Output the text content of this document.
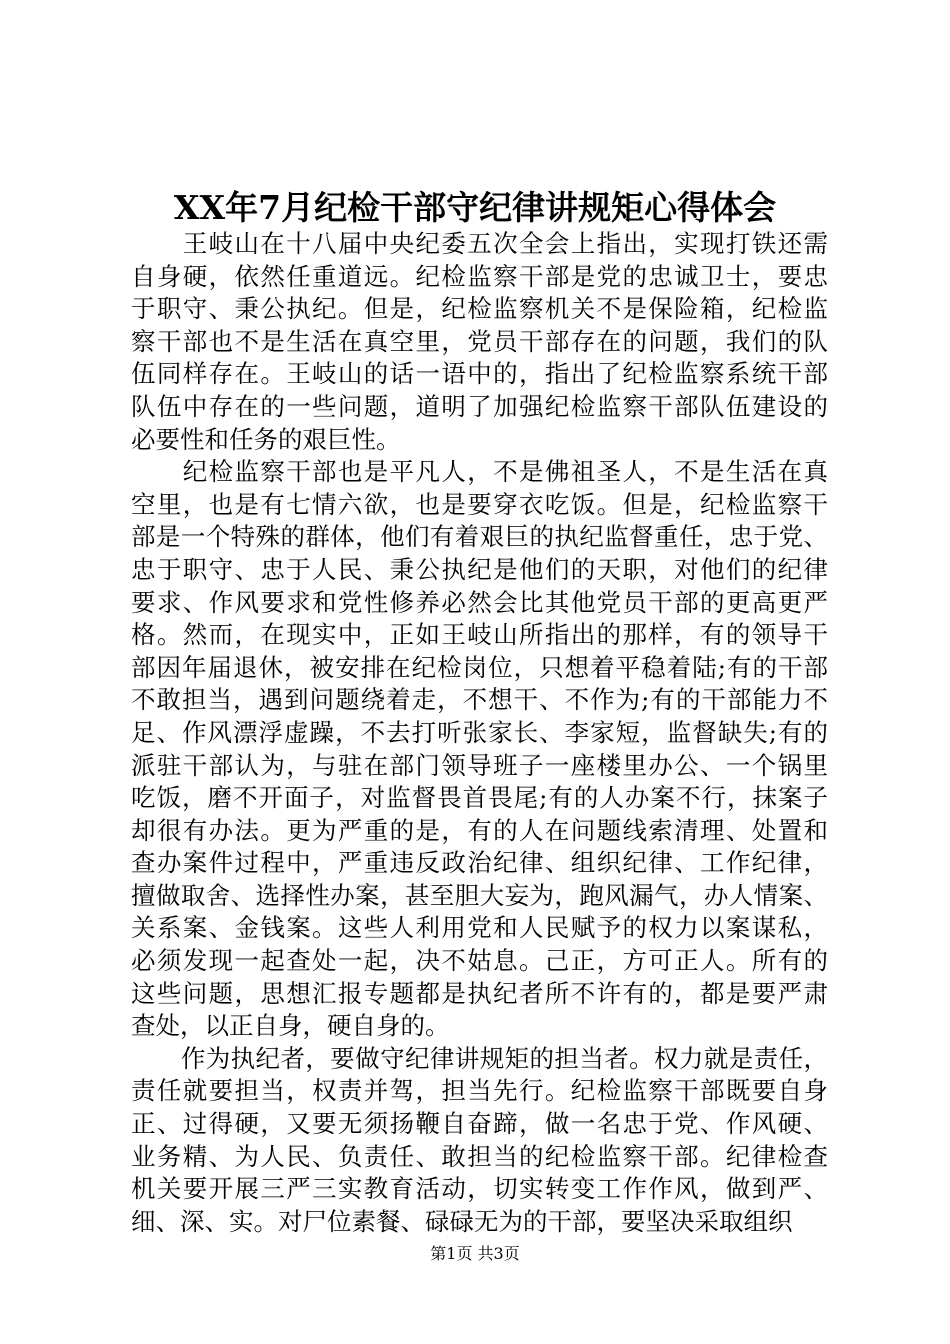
XX年7月纪检干部守纪律讲规矩心得体会

　　王岐山在十八届中央纪委五次全会上指出，实现打铁还需
自身硬，依然任重道远。纪检监察干部是党的忠诚卫士，要忠
于职守、秉公执纪。但是，纪检监察机关不是保险箱，纪检监
察干部也不是生活在真空里，党员干部存在的问题，我们的队
伍同样存在。王岐山的话一语中的，指出了纪检监察系统干部
队伍中存在的一些问题，道明了加强纪检监察干部队伍建设的
必要性和任务的艰巨性。

　　纪检监察干部也是平凡人，不是佛祖圣人，不是生活在真
空里，也是有七情六欲，也是要穿衣吃饭。但是，纪检监察干
部是一个特殊的群体，他们有着艰巨的执纪监督重任，忠于党、
忠于职守、忠于人民、秉公执纪是他们的天职，对他们的纪律
要求、作风要求和党性修养必然会比其他党员干部的更高更严
格。然而，在现实中，正如王岐山所指出的那样，有的领导干
部因年届退休，被安排在纪检岗位，只想着平稳着陆;有的干部
不敢担当，遇到问题绕着走，不想干、不作为;有的干部能力不
足、作风漂浮虚躁，不去打听张家长、李家短，监督缺失;有的
派驻干部认为，与驻在部门领导班子一座楼里办公、一个锅里
吃饭，磨不开面子，对监督畏首畏尾;有的人办案不行，抹案子
却很有办法。更为严重的是，有的人在问题线索清理、处置和
查办案件过程中，严重违反政治纪律、组织纪律、工作纪律，
擅做取舍、选择性办案，甚至胆大妄为，跑风漏气，办人情案、
关系案、金钱案。这些人利用党和人民赋予的权力以案谋私，
必须发现一起查处一起，决不姑息。己正，方可正人。所有的
这些问题，思想汇报专题都是执纪者所不许有的，都是要严肃
查处，以正自身，硬自身的。

　　作为执纪者，要做守纪律讲规矩的担当者。权力就是责任，
责任就要担当，权责并驾，担当先行。纪检监察干部既要自身
正、过得硬，又要无须扬鞭自奋蹄，做一名忠于党、作风硬、
业务精、为人民、负责任、敢担当的纪检监察干部。纪律检查
机关要开展三严三实教育活动，切实转变工作作风，做到严、
细、深、实。对尸位素餐、碌碌无为的干部，要坚决采取组织

第1页 共3页
